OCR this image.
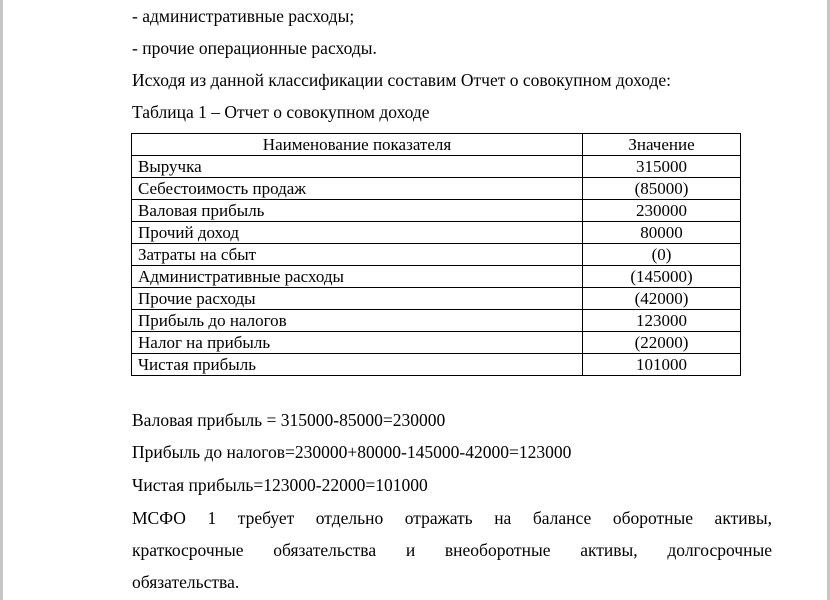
- административные расходы;
- прочие операционные расходы.
Исходя из данной классификации составим Отчет о совокупном доходе:
Таблица 1 – Отчет о совокупном доходе
Наименование показателя	Значение
Выручка	315000
Себестоимость продаж	(85000)
Валовая прибыль	230000
Прочий доход	80000
Затраты на сбыт	(0)
Административные расходы	(145000)
Прочие расходы	(42000)
Прибыль до налогов	123000
Налог на прибыль	(22000)
Чистая прибыль	101000
Валовая прибыль = 315000-85000=230000
Прибыль до налогов=230000+80000-145000-42000=123000
Чистая прибыль=123000-22000=101000
МСФО 1 требует отдельно отражать на балансе оборотные активы,
краткосрочные обязательства и внеоборотные активы, долгосрочные
обязательства.
